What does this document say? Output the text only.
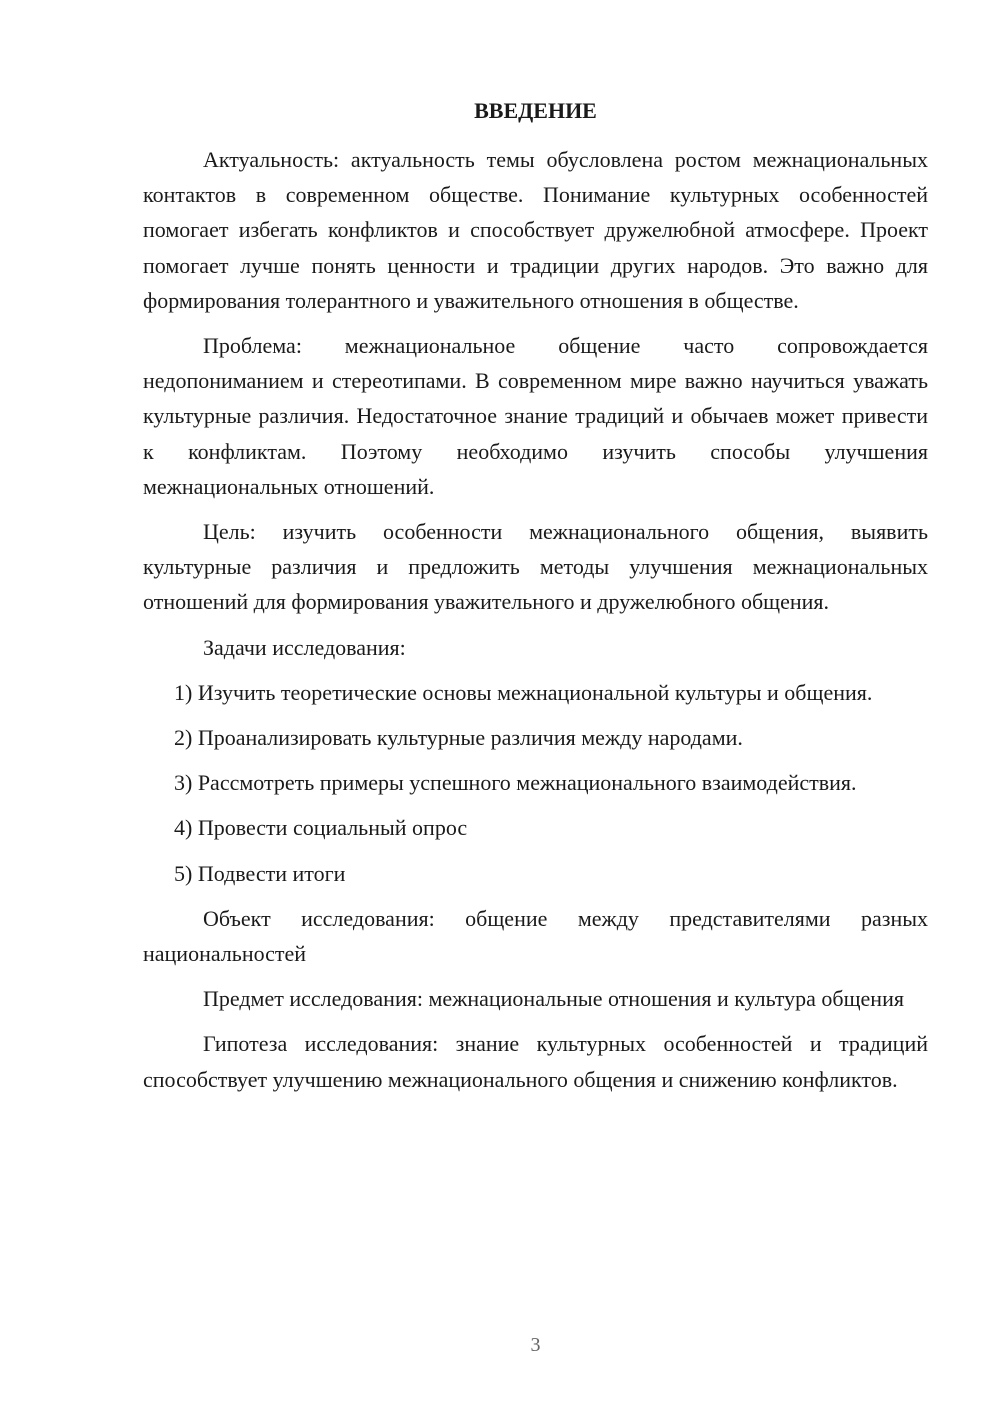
ВВЕДЕНИЕ

Актуальность: актуальность темы обусловлена ростом межнациональных контактов в современном обществе. Понимание культурных особенностей помогает избегать конфликтов и способствует дружелюбной атмосфере. Проект помогает лучше понять ценности и традиции других народов. Это важно для формирования толерантного и уважительного отношения в обществе.

Проблема: межнациональное общение часто сопровождается недопониманием и стереотипами. В современном мире важно научиться уважать культурные различия. Недостаточное знание традиций и обычаев может привести к конфликтам. Поэтому необходимо изучить способы улучшения межнациональных отношений.

Цель: изучить особенности межнационального общения, выявить культурные различия и предложить методы улучшения межнациональных отношений для формирования уважительного и дружелюбного общения.

Задачи исследования:

1) Изучить теоретические основы межнациональной культуры и общения.

2) Проанализировать культурные различия между народами.

3) Рассмотреть примеры успешного межнационального взаимодействия.

4) Провести социальный опрос

5) Подвести итоги

Объект исследования: общение между представителями разных национальностей

Предмет исследования: межнациональные отношения и культура общения

Гипотеза исследования: знание культурных особенностей и традиций способствует улучшению межнационального общения и снижению конфликтов.

3
